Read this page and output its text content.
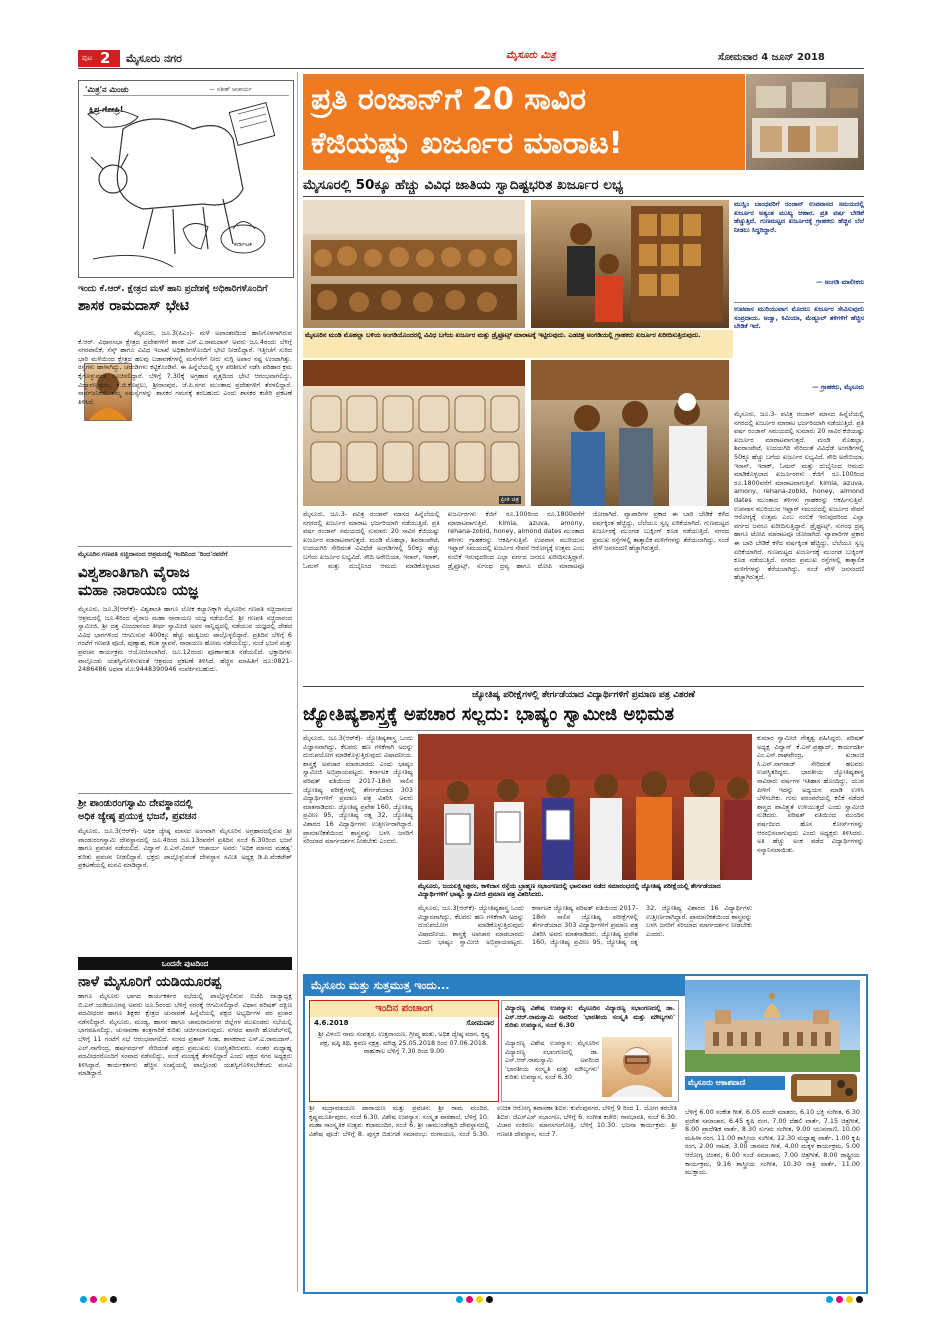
ಪುಟ 2 ಮೈಸೂರು ನಗರ	ಮೈಸೂರು ಮಿತ್ರ	ಸೋಮವಾರ 4 ಜೂನ್ 2018
'ಮಿತ್ರ'ನ ಮಿಂಚು	— ಸತೀಶ್ ಆಚಾರ್ಯ
ಕ್ಷಿಪ್ರ ಗೋಪ್ರಿ!
ಕರ್ನಾಟಕ
ಇಂದು ಕೆ.ಆರ್. ಕ್ಷೇತ್ರದ ಮಳೆ ಹಾನಿ ಪ್ರದೇಶಕ್ಕೆ ಅಧಿಕಾರಿಗಳೊಂದಿಗೆ
ಶಾಸಕ ರಾಮದಾಸ್ ಭೇಟಿ
ಮೈಸೂರು, ಜೂ.3(ಪಿಎಂ)- ಮಳೆ ಅವಾಂತರದಿಂದ ಹಾನಿಗೊಳಗಾಗಿರುವ ಕೆ.ಆರ್. ವಿಧಾನಸಭಾ ಕ್ಷೇತ್ರದ ಪ್ರದೇಶಗಳಿಗೆ ಶಾಸಕ ಎಸ್.ಎ.ರಾಮದಾಸ್ ಅವರು ಜೂ.4ರಂದು ಬೆಳಿಗ್ಗೆ ನಗರಪಾಲಿಕೆ, ಸೆಸ್ಕ್ ಹಾಗೂ ವಿವಿಧ ಇಲಾಖೆ ಅಧಿಕಾರಿಗಳೊಂದಿಗೆ ಭೇಟಿ ನೀಡಲಿದ್ದಾರೆ. ಇತ್ತೀಚೆಗೆ ಸುರಿದ ಭಾರಿ ಮಳೆಯಿಂದ ಕ್ಷೇತ್ರದ ಹಲವು ಬಡಾವಣೆಗಳಲ್ಲಿ ಮನೆಗಳಿಗೆ ನೀರು ನುಗ್ಗಿ ಅಪಾರ ನಷ್ಟ ಉಂಟಾಗಿತ್ತು. ರಸ್ತೆಗಳು ಹಾಳಾಗಿದ್ದು, ಚರಂಡಿಗಳು ಕಟ್ಟಿಕೊಂಡಿವೆ. ಈ ಹಿನ್ನೆಲೆಯಲ್ಲಿ ಸ್ಥಳ ಪರಿಶೀಲನೆ ನಡೆಸಿ ಪರಿಹಾರ ಕ್ರಮ ಕೈಗೊಳ್ಳುವಂತೆ ಸೂಚಿಸಲಿದ್ದಾರೆ. ಬೆಳಿಗ್ಗೆ 7.30ಕ್ಕೆ ಅಗ್ರಹಾರ ವೃತ್ತದಿಂದ ಭೇಟಿ ಆರಂಭವಾಗಲಿದ್ದು, ವಿದ್ಯಾರಣ್ಯಪುರಂ, ಕೆ.ಜಿ.ಕೊಪ್ಪಲು, ಶ್ರೀರಾಂಪುರ, ಜೆ.ಪಿ.ನಗರ ಮುಂತಾದ ಪ್ರದೇಶಗಳಿಗೆ ತೆರಳಲಿದ್ದಾರೆ. ಸಾರ್ವಜನಿಕರು ತಮ್ಮ ಸಮಸ್ಯೆಗಳನ್ನು ಶಾಸಕರ ಗಮನಕ್ಕೆ ತರಬಹುದು ಎಂದು ಶಾಸಕರ ಕಚೇರಿ ಪ್ರಕಟಣೆ ತಿಳಿಸಿದೆ.
ಮೈಸೂರಿನ ಗಣಪತಿ ಸಚ್ಚಿದಾನಂದ ಆಶ್ರಮದಲ್ಲಿ ಇಂದಿನಿಂದ 'ರಿಂದ'ರವರೆಗೆ
ವಿಶ್ವಶಾಂತಿಗಾಗಿ ವೈರಾಜ
ಮಹಾ ನಾರಾಯಣ ಯಜ್ಞ
ಮೈಸೂರು, ಜೂ.3(ಆರ್‌ಕೆ)- ವಿಶ್ವಶಾಂತಿ ಹಾಗೂ ಲೋಕ ಕಲ್ಯಾಣಕ್ಕಾಗಿ ಮೈಸೂರಿನ ಗಣಪತಿ ಸಚ್ಚಿದಾನಂದ ಆಶ್ರಮದಲ್ಲಿ ಜೂ.4ರಿಂದ ವೈರಾಜ ಮಹಾ ನಾರಾಯಣ ಯಜ್ಞ ನಡೆಯಲಿದೆ. ಶ್ರೀ ಗಣಪತಿ ಸಚ್ಚಿದಾನಂದ ಸ್ವಾಮೀಜಿ, ಶ್ರೀ ದತ್ತ ವಿಜಯಾನಂದ ತೀರ್ಥ ಸ್ವಾಮೀಜಿ ಅವರ ಸಾನ್ನಿಧ್ಯದಲ್ಲಿ ನಡೆಯುವ ಯಜ್ಞದಲ್ಲಿ ದೇಶದ ವಿವಿಧ ಭಾಗಗಳಿಂದ ಆಗಮಿಸುವ 400ಕ್ಕೂ ಹೆಚ್ಚು ಋತ್ವಿಜರು ಪಾಲ್ಗೊಳ್ಳಲಿದ್ದಾರೆ. ಪ್ರತಿದಿನ ಬೆಳಿಗ್ಗೆ 6 ಗಂಟೆಗೆ ಗಣಪತಿ ಪೂಜೆ, ಪುಣ್ಯಾಹ, ಕಲಶ ಸ್ಥಾಪನೆ, ನಾರಾಯಣ ಹೋಮ ನಡೆಯಲಿದ್ದು, ಸಂಜೆ ಭಜನೆ ಮತ್ತು ಪ್ರವಚನ ಕಾರ್ಯಕ್ರಮ ಆಯೋಜಿಸಲಾಗಿದೆ. ಜೂ.12ರಂದು ಪೂರ್ಣಾಹುತಿ ನಡೆಯಲಿದೆ. ಭಕ್ತಾದಿಗಳು ಪಾಲ್ಗೊಂಡು ಯಶಸ್ವಿಗೊಳಿಸುವಂತೆ ಆಶ್ರಮದ ಪ್ರಕಟಣೆ ತಿಳಿಸಿದೆ. ಹೆಚ್ಚಿನ ಮಾಹಿತಿಗೆ ದೂ:0821-2486486 ಅಥವಾ ಮೊ:9448390946 ಸಂಪರ್ಕಿಸಬಹುದು.
ಶ್ರೀ ಪಾಂಡುರಂಗಸ್ವಾಮಿ ದೇವಸ್ಥಾನದಲ್ಲಿ
ಅಧಿಕ ಜ್ಯೇಷ್ಠ ಪ್ರಯುಕ್ತ ಭಜನೆ, ಪ್ರವಚನ
ಮೈಸೂರು, ಜೂ.3(ಆರ್‌ಕೆ)- ಅಧಿಕ ಜ್ಯೇಷ್ಠ ಮಾಸದ ಅಂಗವಾಗಿ ಮೈಸೂರಿನ ಅಗ್ರಹಾರದಲ್ಲಿರುವ ಶ್ರೀ ಪಾಂಡುರಂಗಸ್ವಾಮಿ ದೇವಸ್ಥಾನದಲ್ಲಿ ಜೂ.4ರಿಂದ ಜೂ.13ರವರೆಗೆ ಪ್ರತಿದಿನ ಸಂಜೆ 6.30ರಿಂದ ಭಜನೆ ಹಾಗೂ ಪ್ರವಚನ ನಡೆಯಲಿದೆ. ವಿದ್ವಾನ್ ಪಿ.ಎಸ್.ವಿಠಲ್ ಆಚಾರ್ಯ ಅವರು 'ಅಧಿಕ ಮಾಸದ ಮಹತ್ವ' ಕುರಿತು ಪ್ರವಚನ ನೀಡಲಿದ್ದಾರೆ. ಭಕ್ತರು ಪಾಲ್ಗೊಳ್ಳುವಂತೆ ದೇವಸ್ಥಾನ ಸಮಿತಿ ಅಧ್ಯಕ್ಷ ಡಿ.ಪಿ.ವೆಂಕಟೇಶ್ ಪ್ರಕಟಣೆಯಲ್ಲಿ ಮನವಿ ಮಾಡಿದ್ದಾರೆ.
ಒಂದನೇ ಪುಟದಿಂದ
ನಾಳೆ ಮೈಸೂರಿಗೆ ಯಡಿಯೂರಪ್ಪ
ಹಾಗೂ ಮೈಸೂರು ಭಾಗದ ಕಾರ್ಯಕರ್ತರ ಸಭೆಯಲ್ಲಿ ಪಾಲ್ಗೊಳ್ಳಲಿರುವ ಬಿಜೆಪಿ ರಾಜ್ಯಾಧ್ಯಕ್ಷ ಬಿ.ಎಸ್.ಯಡಿಯೂರಪ್ಪ ಅವರು ಜೂ.5ರಂದು ಬೆಳಿಗ್ಗೆ ನಗರಕ್ಕೆ ಆಗಮಿಸಲಿದ್ದಾರೆ. ವಿಧಾನ ಪರಿಷತ್ ದಕ್ಷಿಣ ಪದವೀಧರರ ಹಾಗೂ ಶಿಕ್ಷಕರ ಕ್ಷೇತ್ರದ ಚುನಾವಣೆ ಹಿನ್ನೆಲೆಯಲ್ಲಿ ಪಕ್ಷದ ಅಭ್ಯರ್ಥಿಗಳ ಪರ ಪ್ರಚಾರ ನಡೆಸಲಿದ್ದಾರೆ. ಮೈಸೂರು, ಮಂಡ್ಯ, ಹಾಸನ ಹಾಗೂ ಚಾಮರಾಜನಗರ ಜಿಲ್ಲೆಗಳ ಮುಖಂಡರು ಸಭೆಯಲ್ಲಿ ಭಾಗವಹಿಸಲಿದ್ದು, ಚುನಾವಣಾ ತಂತ್ರಗಾರಿಕೆ ಕುರಿತು ಚರ್ಚಿಸಲಾಗುವುದು. ನಗರದ ಖಾಸಗಿ ಹೋಟೆಲ್‌ನಲ್ಲಿ ಬೆಳಿಗ್ಗೆ 11 ಗಂಟೆಗೆ ಸಭೆ ಆರಂಭವಾಗಲಿದೆ. ಸಂಸದ ಪ್ರತಾಪ್ ಸಿಂಹ, ಶಾಸಕರಾದ ಎಸ್.ಎ.ರಾಮದಾಸ್, ಎಲ್.ನಾಗೇಂದ್ರ, ಹರ್ಷವರ್ಧನ್ ಸೇರಿದಂತೆ ಪಕ್ಷದ ಪ್ರಮುಖರು ಉಪಸ್ಥಿತರಿರುವರು. ನಂತರ ಮಧ್ಯಾಹ್ನ ಪದವೀಧರರೊಂದಿಗೆ ಸಂವಾದ ನಡೆಸಲಿದ್ದು, ಸಂಜೆ ಮಂಡ್ಯಕ್ಕೆ ತೆರಳಲಿದ್ದಾರೆ ಎಂದು ಪಕ್ಷದ ನಗರ ಅಧ್ಯಕ್ಷರು ತಿಳಿಸಿದ್ದಾರೆ. ಕಾರ್ಯಕರ್ತರು ಹೆಚ್ಚಿನ ಸಂಖ್ಯೆಯಲ್ಲಿ ಪಾಲ್ಗೊಂಡು ಯಶಸ್ವಿಗೊಳಿಸಬೇಕೆಂದು ಮನವಿ ಮಾಡಿದ್ದಾರೆ.
ಪ್ರತಿ ರಂಜಾನ್‌ಗೆ 20 ಸಾವಿರ
ಕೆಜಿಯಷ್ಟು ಖರ್ಜೂರ ಮಾರಾಟ!
ಮೈಸೂರಲ್ಲಿ 50ಕ್ಕೂ ಹೆಚ್ಚು ವಿವಿಧ ಜಾತಿಯ ಸ್ವಾದಿಷ್ಟಭರಿತ ಖರ್ಜೂರ ಲಭ್ಯ
ಮುಸ್ಲಿಂ ಬಾಂಧವರಿಗೆ ರಂಜಾನ್ ಉಪವಾಸದ ಸಮಯದಲ್ಲಿ ಖರ್ಜೂರ ಅತ್ಯಂತ ಮುಖ್ಯ ಆಹಾರ. ಪ್ರತಿ ವರ್ಷ ಬೇಡಿಕೆ ಹೆಚ್ಚುತ್ತಿದೆ. ಗುಣಮಟ್ಟದ ಖರ್ಜೂರಕ್ಕೆ ಗ್ರಾಹಕರು ಹೆಚ್ಚಿನ ಬೆಲೆ ನೀಡಲು ಸಿದ್ಧರಿದ್ದಾರೆ.
— ಅಂಗಡಿ ಮಾಲೀಕರು
ಉಪವಾಸ ಮುರಿಯುವಾಗ ಮೊದಲು ಖರ್ಜೂರ ಸೇವಿಸುವುದು ಸಂಪ್ರದಾಯ. ಅಜ್ವಾ, ಕಿಮಿಯಾ, ಮೆಡ್ಜೂಲ್ ತಳಿಗಳಿಗೆ ಹೆಚ್ಚಿನ ಬೇಡಿಕೆ ಇದೆ.
— ಗ್ರಾಹಕರು, ಮೈಸೂರು
ಮೈಸೂರಿನ ಮಂಡಿ ಮೊಹಲ್ಲಾ ಬಳಿಯ ಅಂಗಡಿಯೊಂದರಲ್ಲಿ ವಿವಿಧ ಬಗೆಯ ಖರ್ಜೂರ ಮತ್ತು ಡ್ರೈಫ್ರೂಟ್ಸ್ ಮಾರಾಟಕ್ಕೆ ಇಟ್ಟಿರುವುದು. ಎಡಚಿತ್ರ ಅಂಗಡಿಯಲ್ಲಿ ಗ್ರಾಹಕರು ಖರ್ಜೂರ ಖರೀದಿಸುತ್ತಿರುವುದು.
ಪ್ರೀತಿ ಚಿತ್ರ
ಮೈಸೂರು, ಜೂ.3- ಪವಿತ್ರ ರಂಜಾನ್ ಮಾಸದ ಹಿನ್ನೆಲೆಯಲ್ಲಿ ನಗರದಲ್ಲಿ ಖರ್ಜೂರ ಮಾರಾಟ ಭರ್ಜರಿಯಾಗಿ ನಡೆಯುತ್ತಿದೆ. ಪ್ರತಿ ವರ್ಷ ರಂಜಾನ್ ಸಮಯದಲ್ಲಿ ಸುಮಾರು 20 ಸಾವಿರ ಕೆಜಿಯಷ್ಟು ಖರ್ಜೂರ ಮಾರಾಟವಾಗುತ್ತದೆ. ಮಂಡಿ ಮೊಹಲ್ಲಾ, ಶಿವರಾಂಪೇಟೆ, ಉದಯಗಿರಿ ಸೇರಿದಂತೆ ವಿವಿಧೆಡೆ ಅಂಗಡಿಗಳಲ್ಲಿ 50ಕ್ಕೂ ಹೆಚ್ಚು ಬಗೆಯ ಖರ್ಜೂರ ಲಭ್ಯವಿದೆ. ಸೌದಿ ಅರೇಬಿಯಾ, ಇರಾನ್, ಇರಾಕ್, ಓಮನ್ ಮತ್ತು ದುಬೈನಿಂದ ಆಮದು ಮಾಡಿಕೊಳ್ಳಲಾದ ಖರ್ಜೂರಗಳು ಕೆಜಿಗೆ ರೂ.100ರಿಂದ ರೂ.1800ವರೆಗೆ ಮಾರಾಟವಾಗುತ್ತಿವೆ. kimia, azuva, amony, rehana-zobid, honey, almond dates ಮುಂತಾದ ತಳಿಗಳು ಗ್ರಾಹಕರನ್ನು ಆಕರ್ಷಿಸುತ್ತಿವೆ. ಉಪವಾಸ ಮುರಿಯುವ ಇಫ್ತಾರ್ ಸಮಯದಲ್ಲಿ ಖರ್ಜೂರ ಸೇವನೆ ಆರೋಗ್ಯಕ್ಕೆ ಉತ್ತಮ ಎಂಬ ನಂಬಿಕೆ ಇರುವುದರಿಂದ ಎಲ್ಲಾ ವರ್ಗದ ಜನರೂ ಖರೀದಿಸುತ್ತಿದ್ದಾರೆ. ಡ್ರೈಫ್ರೂಟ್ಸ್, ಸುಗಂಧ ದ್ರವ್ಯ ಹಾಗೂ ಟೋಪಿ ಮಾರಾಟವೂ ಜೋರಾಗಿದೆ. ವ್ಯಾಪಾರಿಗಳ ಪ್ರಕಾರ ಈ ಬಾರಿ ಬೇಡಿಕೆ ಕಳೆದ ವರ್ಷಕ್ಕಿಂತ ಹೆಚ್ಚಿದ್ದು, ಬೆಲೆಯೂ ಸ್ವಲ್ಪ ಏರಿಕೆಯಾಗಿದೆ. ಗುಣಮಟ್ಟದ ಖರ್ಜೂರಕ್ಕೆ ಮುಂಗಡ ಬುಕ್ಕಿಂಗ್ ಕೂಡ ನಡೆಯುತ್ತಿದೆ. ನಗರದ ಪ್ರಮುಖ ರಸ್ತೆಗಳಲ್ಲಿ ತಾತ್ಕಾಲಿಕ ಮಳಿಗೆಗಳನ್ನು ತೆರೆಯಲಾಗಿದ್ದು, ಸಂಜೆ ವೇಳೆ ಜನಸಂದಣಿ ಹೆಚ್ಚಾಗಿರುತ್ತದೆ.
ಮೈಸೂರು, ಜೂ.3- ಪವಿತ್ರ ರಂಜಾನ್ ಮಾಸದ ಹಿನ್ನೆಲೆಯಲ್ಲಿ ನಗರದಲ್ಲಿ ಖರ್ಜೂರ ಮಾರಾಟ ಭರ್ಜರಿಯಾಗಿ ನಡೆಯುತ್ತಿದೆ. ಪ್ರತಿ ವರ್ಷ ರಂಜಾನ್ ಸಮಯದಲ್ಲಿ ಸುಮಾರು 20 ಸಾವಿರ ಕೆಜಿಯಷ್ಟು ಖರ್ಜೂರ ಮಾರಾಟವಾಗುತ್ತದೆ. ಮಂಡಿ ಮೊಹಲ್ಲಾ, ಶಿವರಾಂಪೇಟೆ, ಉದಯಗಿರಿ ಸೇರಿದಂತೆ ವಿವಿಧೆಡೆ ಅಂಗಡಿಗಳಲ್ಲಿ 50ಕ್ಕೂ ಹೆಚ್ಚು ಬಗೆಯ ಖರ್ಜೂರ ಲಭ್ಯವಿದೆ. ಸೌದಿ ಅರೇಬಿಯಾ, ಇರಾನ್, ಇರಾಕ್, ಓಮನ್ ಮತ್ತು ದುಬೈನಿಂದ ಆಮದು ಮಾಡಿಕೊಳ್ಳಲಾದ ಖರ್ಜೂರಗಳು ಕೆಜಿಗೆ ರೂ.100ರಿಂದ ರೂ.1800ವರೆಗೆ ಮಾರಾಟವಾಗುತ್ತಿವೆ. kimia, azuva, amony, rehana-zobid, honey, almond dates ಮುಂತಾದ ತಳಿಗಳು ಗ್ರಾಹಕರನ್ನು ಆಕರ್ಷಿಸುತ್ತಿವೆ. ಉಪವಾಸ ಮುರಿಯುವ ಇಫ್ತಾರ್ ಸಮಯದಲ್ಲಿ ಖರ್ಜೂರ ಸೇವನೆ ಆರೋಗ್ಯಕ್ಕೆ ಉತ್ತಮ ಎಂಬ ನಂಬಿಕೆ ಇರುವುದರಿಂದ ಎಲ್ಲಾ ವರ್ಗದ ಜನರೂ ಖರೀದಿಸುತ್ತಿದ್ದಾರೆ. ಡ್ರೈಫ್ರೂಟ್ಸ್, ಸುಗಂಧ ದ್ರವ್ಯ ಹಾಗೂ ಟೋಪಿ ಮಾರಾಟವೂ ಜೋರಾಗಿದೆ. ವ್ಯಾಪಾರಿಗಳ ಪ್ರಕಾರ ಈ ಬಾರಿ ಬೇಡಿಕೆ ಕಳೆದ ವರ್ಷಕ್ಕಿಂತ ಹೆಚ್ಚಿದ್ದು, ಬೆಲೆಯೂ ಸ್ವಲ್ಪ ಏರಿಕೆಯಾಗಿದೆ. ಗುಣಮಟ್ಟದ ಖರ್ಜೂರಕ್ಕೆ ಮುಂಗಡ ಬುಕ್ಕಿಂಗ್ ಕೂಡ ನಡೆಯುತ್ತಿದೆ. ನಗರದ ಪ್ರಮುಖ ರಸ್ತೆಗಳಲ್ಲಿ ತಾತ್ಕಾಲಿಕ ಮಳಿಗೆಗಳನ್ನು ತೆರೆಯಲಾಗಿದ್ದು, ಸಂಜೆ ವೇಳೆ ಜನಸಂದಣಿ ಹೆಚ್ಚಾಗಿರುತ್ತದೆ.
ಜ್ಯೋತಿಷ್ಯ ಪರೀಕ್ಷೆಗಳಲ್ಲಿ ತೇರ್ಗಡೆಯಾದ ವಿದ್ಯಾರ್ಥಿಗಳಿಗೆ ಪ್ರಮಾಣ ಪತ್ರ ವಿತರಣೆ
ಜ್ಯೋತಿಷ್ಯಶಾಸ್ತ್ರಕ್ಕೆ ಅಪಚಾರ ಸಲ್ಲದು: ಭಾಷ್ಯಂ ಸ್ವಾಮೀಜಿ ಅಭಿಮತ
ಮೈಸೂರು, ಜೂ.3(ಆರ್‌ಕೆ)- ಜ್ಯೋತಿಷ್ಯಶಾಸ್ತ್ರ ಒಂದು ವಿಜ್ಞಾನವಾಗಿದ್ದು, ಕೆಲವರು ಹಣ ಗಳಿಕೆಗಾಗಿ ಅದನ್ನು ದುರುಪಯೋಗ ಮಾಡಿಕೊಳ್ಳುತ್ತಿರುವುದು ವಿಷಾದನೀಯ. ಶಾಸ್ತ್ರಕ್ಕೆ ಅಪಚಾರ ಮಾಡಬಾರದು ಎಂದು ಭಾಷ್ಯಂ ಸ್ವಾಮೀಜಿ ಅಭಿಪ್ರಾಯಪಟ್ಟರು. ಕರ್ನಾಟಕ ಜ್ಯೋತಿಷ್ಯ ಪರಿಷತ್ ವತಿಯಿಂದ 2017-18ನೇ ಸಾಲಿನ ಜ್ಯೋತಿಷ್ಯ ಪರೀಕ್ಷೆಗಳಲ್ಲಿ ತೇರ್ಗಡೆಯಾದ 303 ವಿದ್ಯಾರ್ಥಿಗಳಿಗೆ ಪ್ರಮಾಣ ಪತ್ರ ವಿತರಿಸಿ ಅವರು ಮಾತನಾಡಿದರು. ಜ್ಯೋತಿಷ್ಯ ಪ್ರವೇಶ 160, ಜ್ಯೋತಿಷ್ಯ ಪ್ರವೀಣ 95, ಜ್ಯೋತಿಷ್ಯ ರತ್ನ 32, ಜ್ಯೋತಿಷ್ಯ ವಿಶಾರದ 16 ವಿದ್ಯಾರ್ಥಿಗಳು ಉತ್ತೀರ್ಣರಾಗಿದ್ದಾರೆ. ಪ್ರಾಮಾಣಿಕತೆಯಿಂದ ಶಾಸ್ತ್ರವನ್ನು ಬಳಸಿ ಜನರಿಗೆ ಸರಿಯಾದ ಮಾರ್ಗದರ್ಶನ ನೀಡಬೇಕು ಎಂದರು.
ಮೈಸೂರು, ಜಯಲಕ್ಷ್ಮೀಪುರಂ, ಕಾಳಿದಾಸ ರಸ್ತೆಯ ಬ್ರಾಹ್ಮಣ ಸಭಾಂಗಣದಲ್ಲಿ ಭಾನುವಾರ ನಡೆದ ಸಮಾರಂಭದಲ್ಲಿ ಜ್ಯೋತಿಷ್ಯ ಪರೀಕ್ಷೆಯಲ್ಲಿ ತೇರ್ಗಡೆಯಾದ ವಿದ್ಯಾರ್ಥಿಗಳಿಗೆ ಭಾಷ್ಯಂ ಸ್ವಾಮೀಜಿ ಪ್ರಮಾಣ ಪತ್ರ ವಿತರಿಸಿದರು.
ಮೈಸೂರು, ಜೂ.3(ಆರ್‌ಕೆ)- ಜ್ಯೋತಿಷ್ಯಶಾಸ್ತ್ರ ಒಂದು ವಿಜ್ಞಾನವಾಗಿದ್ದು, ಕೆಲವರು ಹಣ ಗಳಿಕೆಗಾಗಿ ಅದನ್ನು ದುರುಪಯೋಗ ಮಾಡಿಕೊಳ್ಳುತ್ತಿರುವುದು ವಿಷಾದನೀಯ. ಶಾಸ್ತ್ರಕ್ಕೆ ಅಪಚಾರ ಮಾಡಬಾರದು ಎಂದು ಭಾಷ್ಯಂ ಸ್ವಾಮೀಜಿ ಅಭಿಪ್ರಾಯಪಟ್ಟರು. ಕರ್ನಾಟಕ ಜ್ಯೋತಿಷ್ಯ ಪರಿಷತ್ ವತಿಯಿಂದ 2017-18ನೇ ಸಾಲಿನ ಜ್ಯೋತಿಷ್ಯ ಪರೀಕ್ಷೆಗಳಲ್ಲಿ ತೇರ್ಗಡೆಯಾದ 303 ವಿದ್ಯಾರ್ಥಿಗಳಿಗೆ ಪ್ರಮಾಣ ಪತ್ರ ವಿತರಿಸಿ ಅವರು ಮಾತನಾಡಿದರು. ಜ್ಯೋತಿಷ್ಯ ಪ್ರವೇಶ 160, ಜ್ಯೋತಿಷ್ಯ ಪ್ರವೀಣ 95, ಜ್ಯೋತಿಷ್ಯ ರತ್ನ 32, ಜ್ಯೋತಿಷ್ಯ ವಿಶಾರದ 16 ವಿದ್ಯಾರ್ಥಿಗಳು ಉತ್ತೀರ್ಣರಾಗಿದ್ದಾರೆ. ಪ್ರಾಮಾಣಿಕತೆಯಿಂದ ಶಾಸ್ತ್ರವನ್ನು ಬಳಸಿ ಜನರಿಗೆ ಸರಿಯಾದ ಮಾರ್ಗದರ್ಶನ ನೀಡಬೇಕು ಎಂದರು.
ಕುಮಾರ ಸ್ವಾಮೀಜಿ ನೇತೃತ್ವ ವಹಿಸಿದ್ದರು. ಪರಿಷತ್ ಅಧ್ಯಕ್ಷ ವಿದ್ವಾನ್ ಕೆ.ಎಸ್.ಪ್ರಹ್ಲಾದ್, ಕಾರ್ಯದರ್ಶಿ ಎಂ.ಎನ್.ರಾಘವೇಂದ್ರ, ಖಜಾಂಚಿ ಸಿ.ಎನ್.ನಾಗರಾಜ್ ಸೇರಿದಂತೆ ಹಲವರು ಉಪಸ್ಥಿತರಿದ್ದರು. ಭಾರತೀಯ ಜ್ಯೋತಿಷ್ಯಶಾಸ್ತ್ರ ಸಾವಿರಾರು ವರ್ಷಗಳ ಇತಿಹಾಸ ಹೊಂದಿದ್ದು, ಯುವ ಪೀಳಿಗೆ ಇದನ್ನು ಅಧ್ಯಯನ ಮಾಡಿ ಉಳಿಸಿ ಬೆಳೆಸಬೇಕು. ಗುರು ಪರಂಪರೆಯಲ್ಲಿ ಕಲಿಕೆ ನಡೆದರೆ ಶಾಸ್ತ್ರದ ಪಾವಿತ್ರ್ಯತೆ ಉಳಿಯುತ್ತದೆ ಎಂದು ಸ್ವಾಮೀಜಿ ನುಡಿದರು. ಪರಿಷತ್ ವತಿಯಿಂದ ಮುಂದಿನ ವರ್ಷದಿಂದ ಹೊಸ ಕೋರ್ಸ್‌ಗಳನ್ನು ಆರಂಭಿಸಲಾಗುವುದು ಎಂದು ಅಧ್ಯಕ್ಷರು ತಿಳಿಸಿದರು. ಅತಿ ಹೆಚ್ಚು ಅಂಕ ಪಡೆದ ವಿದ್ಯಾರ್ಥಿಗಳನ್ನು ಸನ್ಮಾನಿಸಲಾಯಿತು.
ಮೈಸೂರು ಮತ್ತು ಸುತ್ತಮುತ್ತ ಇಂದು...
ಇಂದಿನ ಪಂಚಾಂಗ
4.6.2018	ಸೋಮವಾರ
ಶ್ರೀ ವಿಳಂಬಿ ನಾಮ ಸಂವತ್ಸರ, ಉತ್ತರಾಯಣ, ಗ್ರೀಷ್ಮ ಋತು, ಅಧಿಕ ಜ್ಯೇಷ್ಠ ಮಾಸ, ಕೃಷ್ಣ ಪಕ್ಷ, ಷಷ್ಠಿ ತಿಥಿ, ಶ್ರವಣ ನಕ್ಷತ್ರ. ಮೌಢ್ಯ 25.05.2018 ರಿಂದ 07.06.2018. ರಾಹುಕಾಲ ಬೆಳಿಗ್ಗೆ 7.30 ರಿಂದ 9.00
ವಿದ್ಯಾರಣ್ಯ ವಿಶೇಷ ಉಪನ್ಯಾಸ: ಮೈಸೂರಿನ ವಿದ್ಯಾರಣ್ಯ ಸಭಾಂಗಣದಲ್ಲಿ ಡಾ. ಎಸ್.ಆರ್.ರಾಮಸ್ವಾಮಿ ಅವರಿಂದ 'ಭಾರತೀಯ ಸಂಸ್ಕೃತಿ ಮತ್ತು ಮೌಲ್ಯಗಳು' ಕುರಿತು ಉಪನ್ಯಾಸ, ಸಂಜೆ 6.30
ವಿದ್ಯಾರಣ್ಯ ವಿಶೇಷ ಉಪನ್ಯಾಸ: ಮೈಸೂರಿನ ವಿದ್ಯಾರಣ್ಯ ಸಭಾಂಗಣದಲ್ಲಿ ಡಾ. ಎಸ್.ಆರ್.ರಾಮಸ್ವಾಮಿ ಅವರಿಂದ 'ಭಾರತೀಯ ಸಂಸ್ಕೃತಿ ಮತ್ತು ಮೌಲ್ಯಗಳು' ಕುರಿತು ಉಪನ್ಯಾಸ, ಸಂಜೆ 6.30
ಶ್ರೀ ಮದ್ರಾಮಾಯಣ ಪಾರಾಯಣ ಮತ್ತು ಪ್ರವಚನ: ಶ್ರೀ ರಾಮ ಮಂದಿರ, ಕೃಷ್ಣಮೂರ್ತಿಪುರಂ, ಸಂಜೆ 6.30. ವಿಶೇಷ ಉಪನ್ಯಾಸ: ಸಂಸ್ಕೃತ ಪಾಠಶಾಲೆ, ಬೆಳಿಗ್ಗೆ 10. ಮಹಾ ಸಾಂಸ್ಕೃತಿಕ ಉತ್ಸವ: ಕಲಾಮಂದಿರ, ಸಂಜೆ 6. ಶ್ರೀ ಚಾಮುಂಡೇಶ್ವರಿ ದೇವಸ್ಥಾನದಲ್ಲಿ ವಿಶೇಷ ಪೂಜೆ: ಬೆಳಿಗ್ಗೆ 8. ಪುಸ್ತಕ ಬಿಡುಗಡೆ ಸಮಾರಂಭ: ರಂಗಾಯಣ, ಸಂಜೆ 5.30. ಉಚಿತ ಆರೋಗ್ಯ ತಪಾಸಣಾ ಶಿಬಿರ: ಕುವೆಂಪುನಗರ, ಬೆಳಿಗ್ಗೆ 9 ರಿಂದ 1. ಯೋಗ ತರಬೇತಿ ಶಿಬಿರ: ಜೆಎಸ್‌ಎಸ್ ಸಭಾಂಗಣ, ಬೆಳಿಗ್ಗೆ 6. ಸಂಗೀತ ಕಚೇರಿ: ಗಾನಭಾರತಿ, ಸಂಜೆ 6.30. ವಿಚಾರ ಸಂಕಿರಣ: ಮಾನಸಗಂಗೋತ್ರಿ, ಬೆಳಿಗ್ಗೆ 10.30. ಭಜನಾ ಕಾರ್ಯಕ್ರಮ: ಶ್ರೀ ಗಣಪತಿ ದೇವಸ್ಥಾನ, ಸಂಜೆ 7.
ಮೈಸೂರು ಆಕಾಶವಾಣಿ
ಬೆಳಿಗ್ಗೆ 6.00 ಸಂಕೇತ ಗೀತೆ, 6.05 ವಂದೇ ಮಾತರಂ, 6.10 ಭಕ್ತಿ ಸಂಗೀತ, 6.30 ಪ್ರದೇಶ ಸಮಾಚಾರ, 6.45 ಕೃಷಿ ರಂಗ, 7.00 ದೆಹಲಿ ವಾರ್ತೆ, 7.15 ಚಿತ್ರಗೀತೆ, 8.00 ಪ್ರಾದೇಶಿಕ ವಾರ್ತೆ, 8.30 ಸುಗಮ ಸಂಗೀತ, 9.00 ಯುವವಾಣಿ, 10.00 ಮಹಿಳಾ ರಂಗ, 11.00 ಶಾಸ್ತ್ರೀಯ ಸಂಗೀತ, 12.30 ಮಧ್ಯಾಹ್ನ ವಾರ್ತೆ, 1.00 ಕೃಷಿ ರಂಗ, 2.00 ನಾಟಕ, 3.00 ಜಾನಪದ ಗೀತೆ, 4.00 ಮಕ್ಕಳ ಕಾರ್ಯಕ್ರಮ, 5.00 ಆರೋಗ್ಯ ಚಿಂತನ, 6.00 ಸಂಜೆ ಸಮಾಚಾರ, 7.00 ಚಿತ್ರಗೀತೆ, 8.00 ರಾಷ್ಟ್ರೀಯ ಕಾರ್ಯಕ್ರಮ, 9.16 ಶಾಸ್ತ್ರೀಯ ಸಂಗೀತ, 10.30 ರಾತ್ರಿ ವಾರ್ತೆ, 11.00 ಮುಕ್ತಾಯ.
